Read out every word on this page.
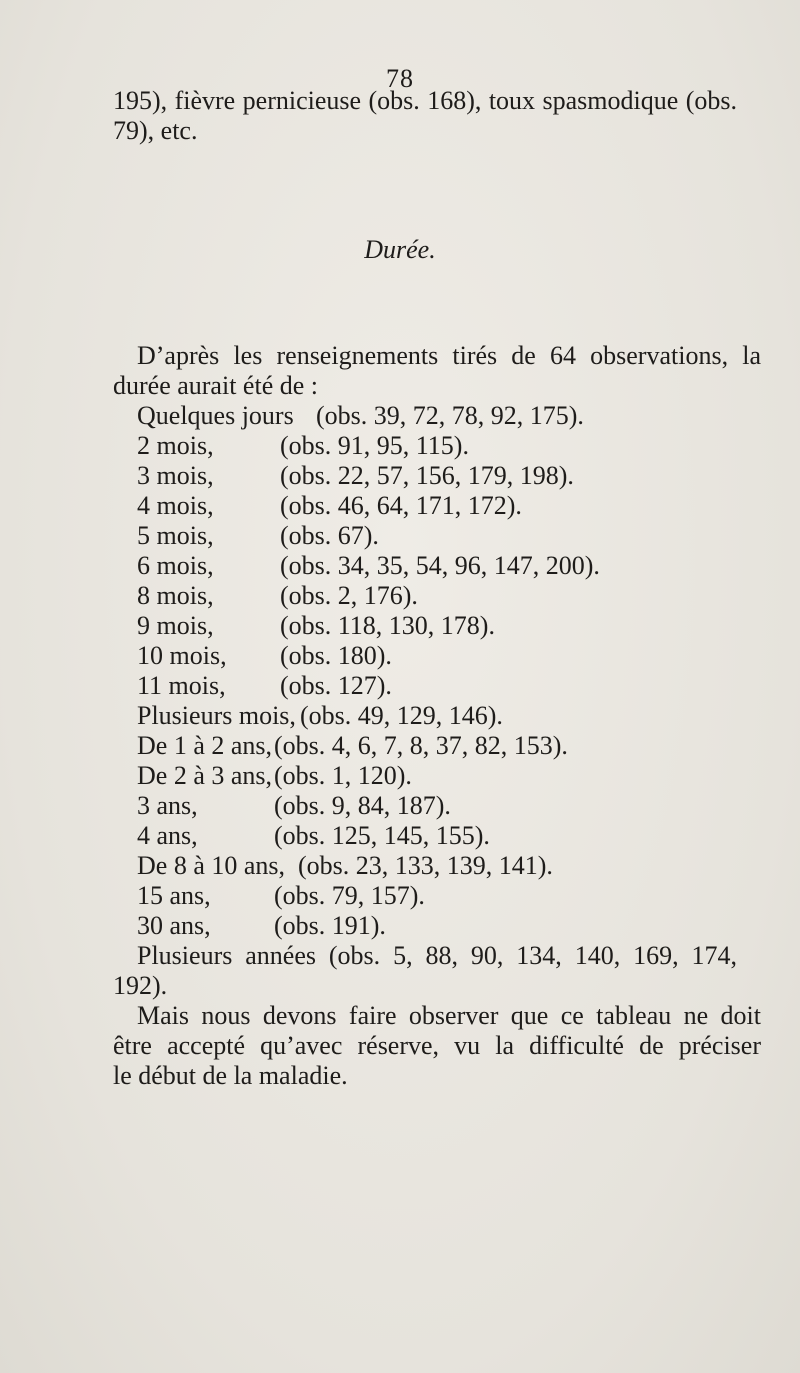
78
195), fièvre pernicieuse (obs. 168), toux spasmodique (obs.
79), etc.
Durée.
D’après les renseignements tirés de 64 observations, la
durée aurait été de :
Quelques jours (obs. 39, 72, 78, 92, 175).
2 mois,	(obs. 91, 95, 115).
3 mois,	(obs. 22, 57, 156, 179, 198).
4 mois,	(obs. 46, 64, 171, 172).
5 mois,	(obs. 67).
6 mois,	(obs. 34, 35, 54, 96, 147, 200).
8 mois,	(obs. 2, 176).
9 mois,	(obs. 118, 130, 178).
10 mois, (obs. 180).
11 mois, (obs. 127).
Plusieurs mois, (obs. 49, 129, 146).
De 1 à 2 ans, (obs. 4, 6, 7, 8, 37, 82, 153).
De 2 à 3 ans, (obs. 1, 120).
3 ans,	(obs. 9, 84, 187).
4 ans,	(obs. 125, 145, 155).
De 8 à 10 ans, (obs. 23, 133, 139, 141).
15 ans, (obs. 79, 157).
30 ans, (obs. 191).
Plusieurs années (obs. 5, 88, 90, 134, 140, 169, 174,
192).
Mais nous devons faire observer que ce tableau ne doit
être accepté qu’avec réserve, vu la difficulté de préciser
le début de la maladie.
